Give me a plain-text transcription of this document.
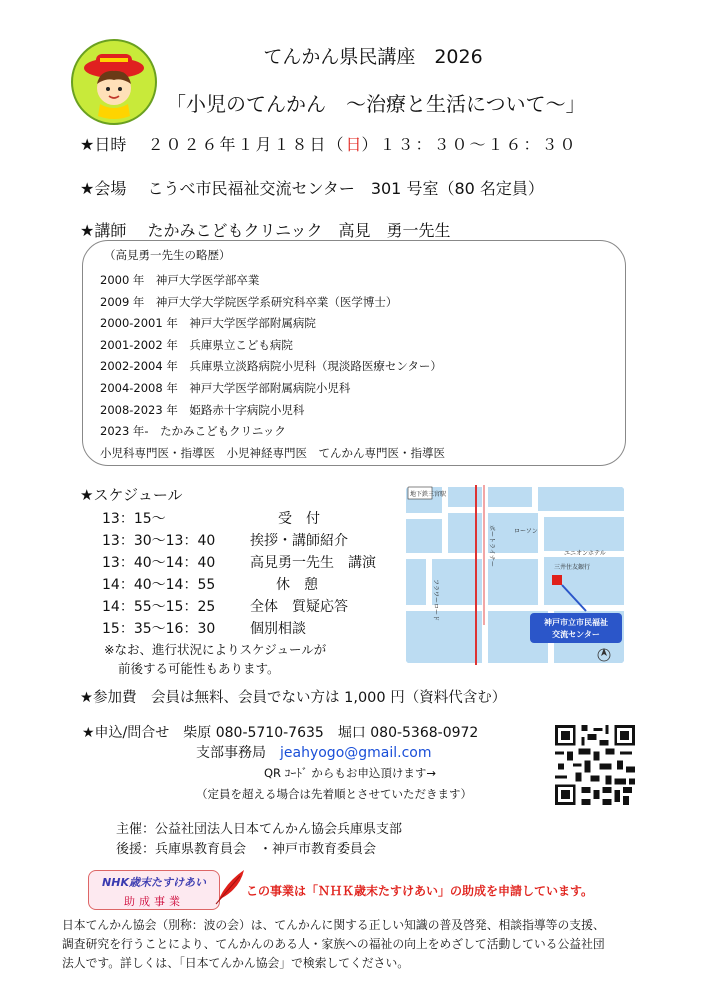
てんかん県民講座　2026
「小児のてんかん　～治療と生活について～」
★日時　 ２０２６年１月１８日（日）１３：３０～１６：３０
★会場　 こうべ市民福祉交流センター　301 号室（80 名定員）
★講師　 たかみこどもクリニック　高見　勇一先生
（高見勇一先生の略歴）
2000 年　神戸大学医学部卒業
2009 年　神戸大学大学院医学系研究科卒業（医学博士）
2000-2001 年　神戸大学医学部附属病院
2001-2002 年　兵庫県立こども病院
2002-2004 年　兵庫県立淡路病院小児科（現淡路医療センター）
2004-2008 年　神戸大学医学部附属病院小児科
2008-2023 年　姫路赤十字病院小児科
2023 年-　たかみこどもクリニック
小児科専門医・指導医　小児神経専門医　てんかん専門医・指導医
★スケジュール
13：15～	受　付
13：30～13：40 挨拶・講師紹介
13：40～14：40 高見勇一先生　講演
14：40～14：55	休　憩
14：55～15：25 全体　質疑応答
15：35～16：30 個別相談
※なお、進行状況によりスケジュールが
前後する可能性もあります。
地下鉄三宮駅
フラワーロード
ポートライナー	ローソン
ユニオンホテル
三井住友銀行
神戸市立市民福祉
交流センター
★参加費　会員は無料、会員でない方は 1,000 円（資料代含む）
★申込/問合せ　柴原 080-5710-7635　堀口 080-5368-0972
支部事務局　 jeahyogo@gmail.com
QR ｺｰﾄﾞ からもお申込頂けます→
（定員を超える場合は先着順とさせていただきます）
主催：公益社団法人日本てんかん協会兵庫県支部
後援：兵庫県教育員会　・神戸市教育委員会
NHK歳末たすけあい
助成事業
この事業は「ＮＨＫ歳末たすけあい」の助成を申請しています。
日本てんかん協会（別称：波の会）は、てんかんに関する正しい知識の普及啓発、相談指導等の支援、
調査研究を行うことにより、てんかんのある人・家族への福祉の向上をめざして活動している公益社団
法人です。詳しくは、「日本てんかん協会」で検索してください。
